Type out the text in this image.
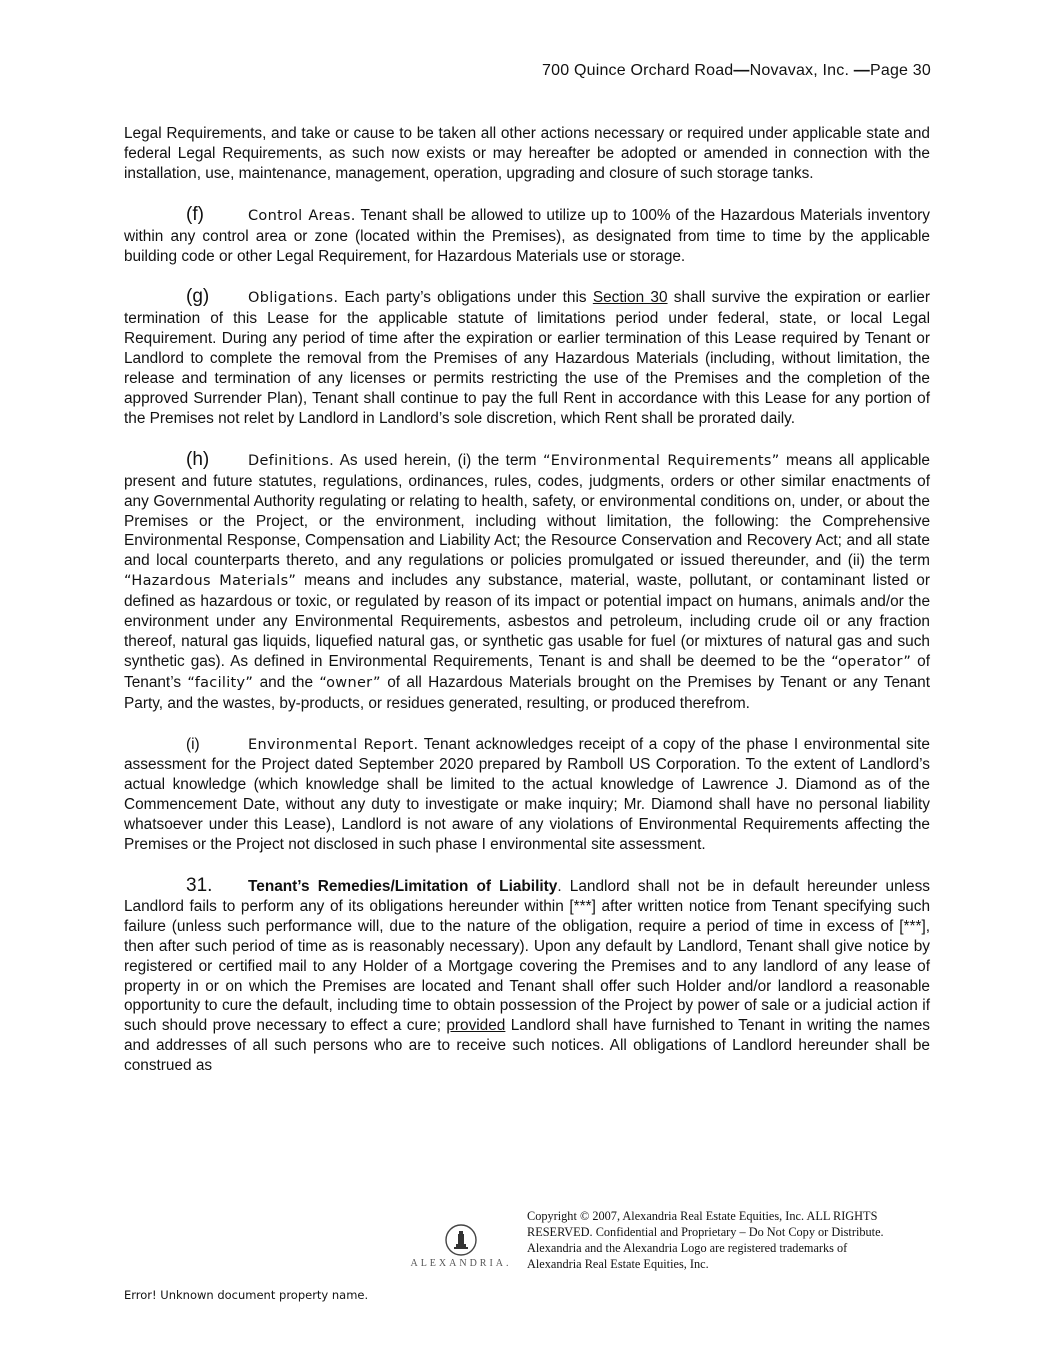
700 Quince Orchard Road—Novavax, Inc. —Page 30

Legal Requirements, and take or cause to be taken all other actions necessary or required under applicable state and federal Legal Requirements, as such now exists or may hereafter be adopted or amended in connection with the installation, use, maintenance, management, operation, upgrading and closure of such storage tanks.

(f)	Control Areas. Tenant shall be allowed to utilize up to 100% of the Hazardous Materials inventory within any control area or zone (located within the Premises), as designated from time to time by the applicable building code or other Legal Requirement, for Hazardous Materials use or storage.

(g)	Obligations. Each party’s obligations under this Section 30 shall survive the expiration or earlier termination of this Lease for the applicable statute of limitations period under federal, state, or local Legal Requirement. During any period of time after the expiration or earlier termination of this Lease required by Tenant or Landlord to complete the removal from the Premises of any Hazardous Materials (including, without limitation, the release and termination of any licenses or permits restricting the use of the Premises and the completion of the approved Surrender Plan), Tenant shall continue to pay the full Rent in accordance with this Lease for any portion of the Premises not relet by Landlord in Landlord’s sole discretion, which Rent shall be prorated daily.

(h)	Definitions. As used herein, (i) the term “Environmental Requirements” means all applicable present and future statutes, regulations, ordinances, rules, codes, judgments, orders or other similar enactments of any Governmental Authority regulating or relating to health, safety, or environmental conditions on, under, or about the Premises or the Project, or the environment, including without limitation, the following: the Comprehensive Environmental Response, Compensation and Liability Act; the Resource Conservation and Recovery Act; and all state and local counterparts thereto, and any regulations or policies promulgated or issued thereunder, and (ii) the term “Hazardous Materials” means and includes any substance, material, waste, pollutant, or contaminant listed or defined as hazardous or toxic, or regulated by reason of its impact or potential impact on humans, animals and/or the environment under any Environmental Requirements, asbestos and petroleum, including crude oil or any fraction thereof, natural gas liquids, liquefied natural gas, or synthetic gas usable for fuel (or mixtures of natural gas and such synthetic gas). As defined in Environmental Requirements, Tenant is and shall be deemed to be the “operator” of Tenant’s “facility” and the “owner” of all Hazardous Materials brought on the Premises by Tenant or any Tenant Party, and the wastes, by-products, or residues generated, resulting, or produced therefrom.

(i)	Environmental Report. Tenant acknowledges receipt of a copy of the phase I environmental site assessment for the Project dated September 2020 prepared by Ramboll US Corporation. To the extent of Landlord’s actual knowledge (which knowledge shall be limited to the actual knowledge of Lawrence J. Diamond as of the Commencement Date, without any duty to investigate or make inquiry; Mr. Diamond shall have no personal liability whatsoever under this Lease), Landlord is not aware of any violations of Environmental Requirements affecting the Premises or the Project not disclosed in such phase I environmental site assessment.

31. Tenant’s Remedies/Limitation of Liability. Landlord shall not be in default hereunder unless Landlord fails to perform any of its obligations hereunder within [***] after written notice from Tenant specifying such failure (unless such performance will, due to the nature of the obligation, require a period of time in excess of [***], then after such period of time as is reasonably necessary). Upon any default by Landlord, Tenant shall give notice by registered or certified mail to any Holder of a Mortgage covering the Premises and to any landlord of any lease of property in or on which the Premises are located and Tenant shall offer such Holder and/or landlord a reasonable opportunity to cure the default, including time to obtain possession of the Project by power of sale or a judicial action if such should prove necessary to effect a cure; provided Landlord shall have furnished to Tenant in writing the names and addresses of all such persons who are to receive such notices. All obligations of Landlord hereunder shall be construed as

ALEXANDRIA.
Copyright © 2007, Alexandria Real Estate Equities, Inc. ALL RIGHTS RESERVED. Confidential and Proprietary – Do Not Copy or Distribute. Alexandria and the Alexandria Logo are registered trademarks of Alexandria Real Estate Equities, Inc.
Error! Unknown document property name.
